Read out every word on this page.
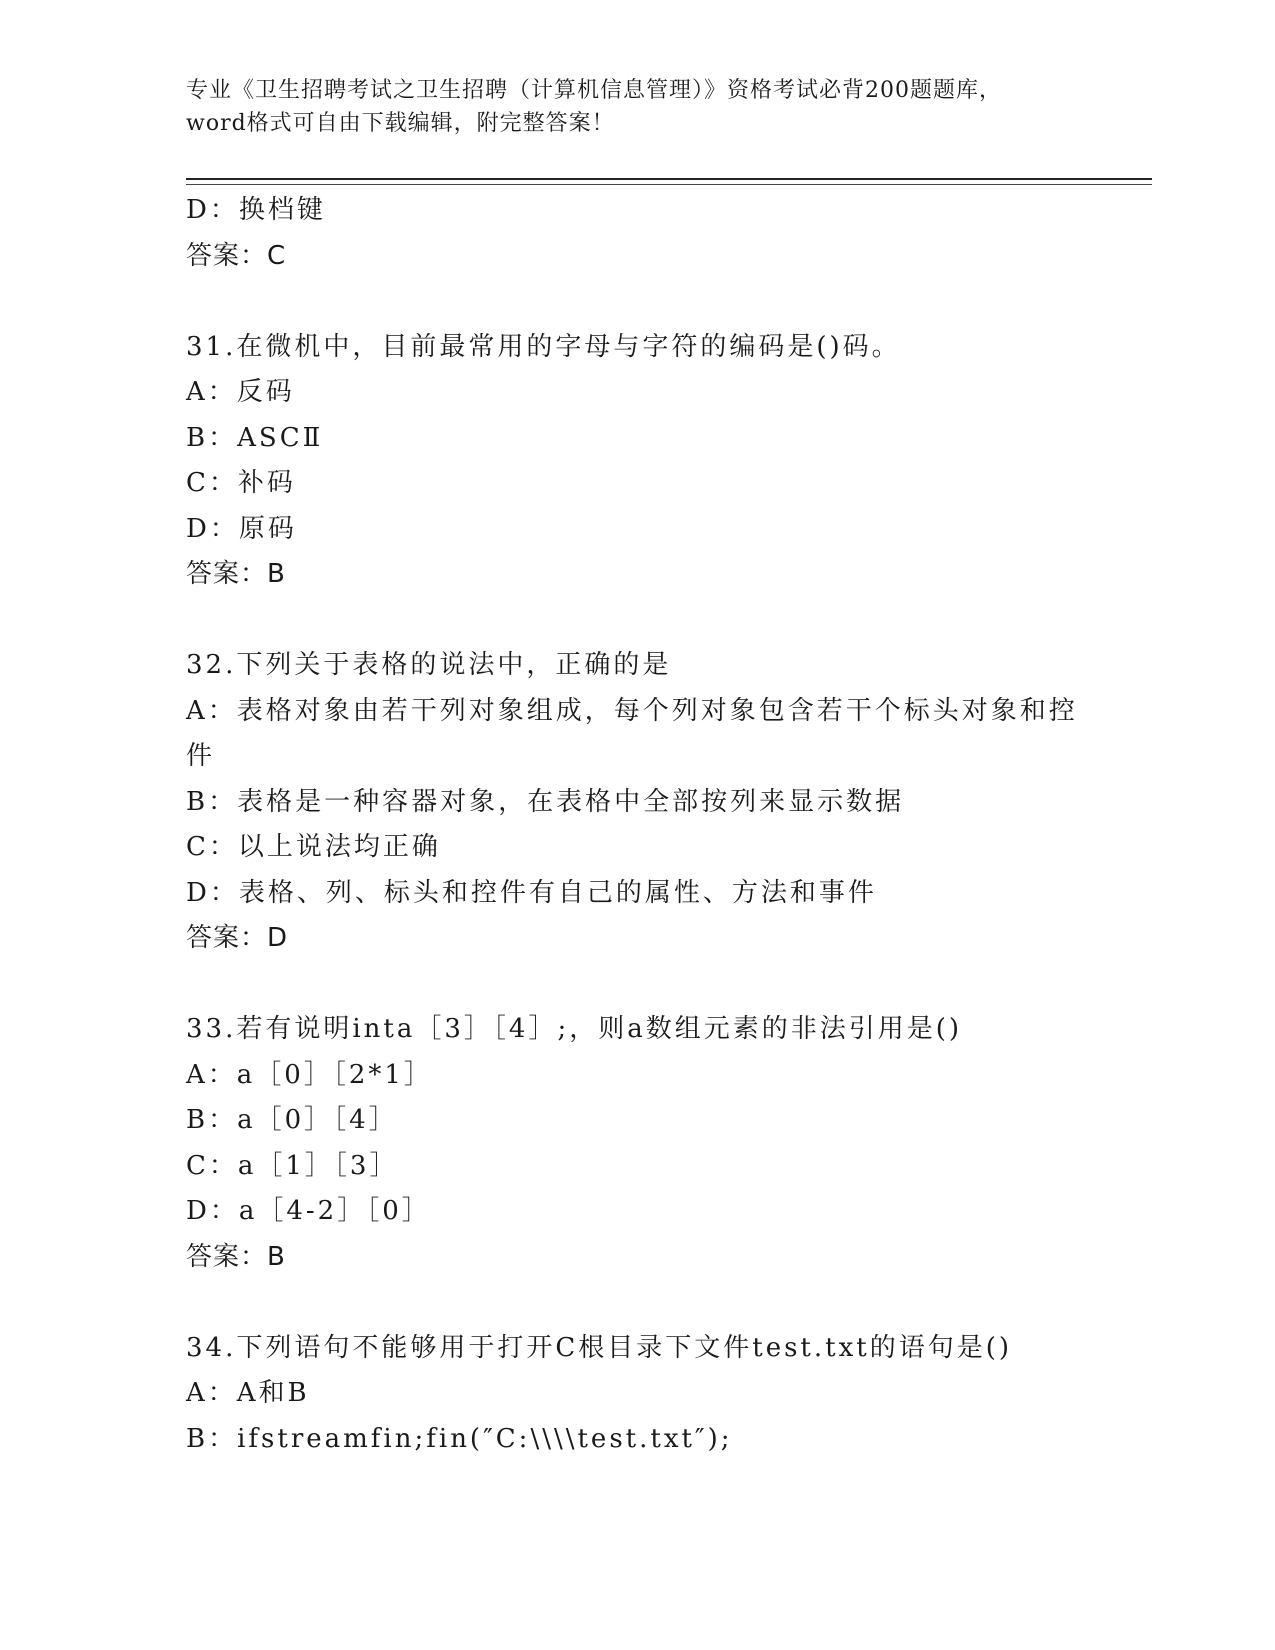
专业《卫生招聘考试之卫生招聘（计算机信息管理）》资格考试必背200题题库，
word格式可自由下载编辑，附完整答案！
D：换档键
答案：C
31.在微机中，目前最常用的字母与字符的编码是()码。
A：反码
B：ASCⅡ
C：补码
D：原码
答案：B
32.下列关于表格的说法中，正确的是
A：表格对象由若干列对象组成，每个列对象包含若干个标头对象和控
件
B：表格是一种容器对象，在表格中全部按列来显示数据
C：以上说法均正确
D：表格、列、标头和控件有自己的属性、方法和事件
答案：D
33.若有说明inta［3］［4］;，则a数组元素的非法引用是()
A：a［0］［2*1］
B：a［0］［4］
C：a［1］［3］
D：a［4-2］［0］
答案：B
34.下列语句不能够用于打开C根目录下文件test.txt的语句是()
A：A和B
B：ifstreamfin;fin(″C:\\\\test.txt″);
